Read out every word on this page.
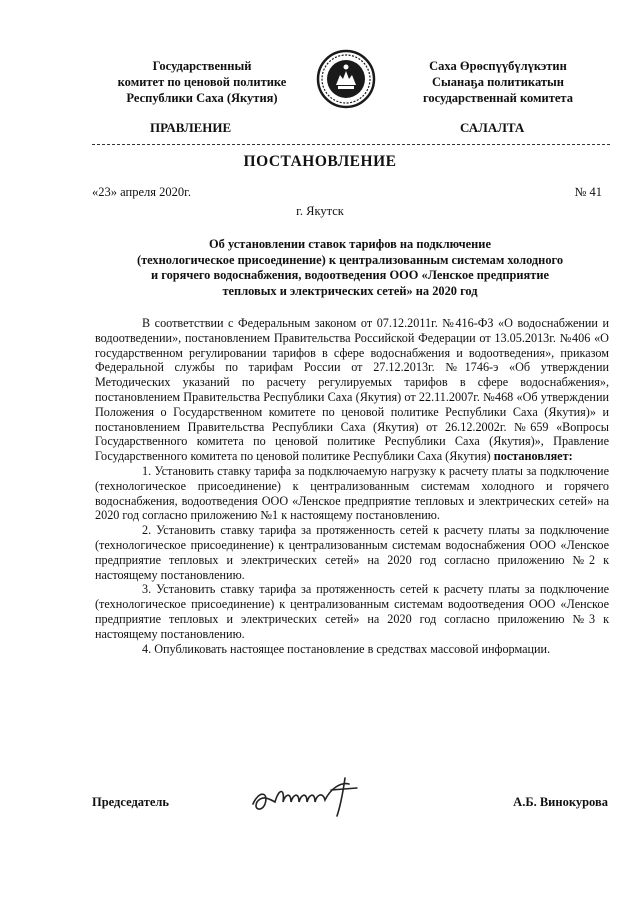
Государственный
комитет по ценовой политике
Республики Саха (Якутия)
Саха Өрөспүүбүлүкэтин
Сыанаҕа политикатын
государственнай комитета
ПРАВЛЕНИЕ	САЛАЛТА
ПОСТАНОВЛЕНИЕ
«23» апреля 2020г.	№ 41
г. Якутск
Об установлении ставок тарифов на подключение
(технологическое присоединение) к централизованным системам холодного
и горячего водоснабжения, водоотведения ООО «Ленское предприятие
тепловых и электрических сетей» на 2020 год

В соответствии с Федеральным законом от 07.12.2011г. №416-ФЗ «О водоснабжении и водоотведении», постановлением Правительства Российской Федерации от 13.05.2013г. №406 «О государственном регулировании тарифов в сфере водоснабжения и водоотведения», приказом Федеральной службы по тарифам России от 27.12.2013г. №1746-э «Об утверждении Методических указаний по расчету регулируемых тарифов в сфере водоснабжения», постановлением Правительства Республики Саха (Якутия) от 22.11.2007г. №468 «Об утверждении Положения о Государственном комитете по ценовой политике Республики Саха (Якутия)» и постановлением Правительства Республики Саха (Якутия) от 26.12.2002г. №659 «Вопросы Государственного комитета по ценовой политике Республики Саха (Якутия)», Правление Государственного комитета по ценовой политике Республики Саха (Якутия) постановляет:

1. Установить ставку тарифа за подключаемую нагрузку к расчету платы за подключение (технологическое присоединение) к централизованным системам холодного и горячего водоснабжения, водоотведения ООО «Ленское предприятие тепловых и электрических сетей» на 2020 год согласно приложению №1 к настоящему постановлению.

2. Установить ставку тарифа за протяженность сетей к расчету платы за подключение (технологическое присоединение) к централизованным системам водоснабжения ООО «Ленское предприятие тепловых и электрических сетей» на 2020 год согласно приложению №2 к настоящему постановлению.

3. Установить ставку тарифа за протяженность сетей к расчету платы за подключение (технологическое присоединение) к централизованным системам водоотведения ООО «Ленское предприятие тепловых и электрических сетей» на 2020 год согласно приложению №3 к настоящему постановлению.

4. Опубликовать настоящее постановление в средствах массовой информации.

Председатель	А.Б. Винокурова
